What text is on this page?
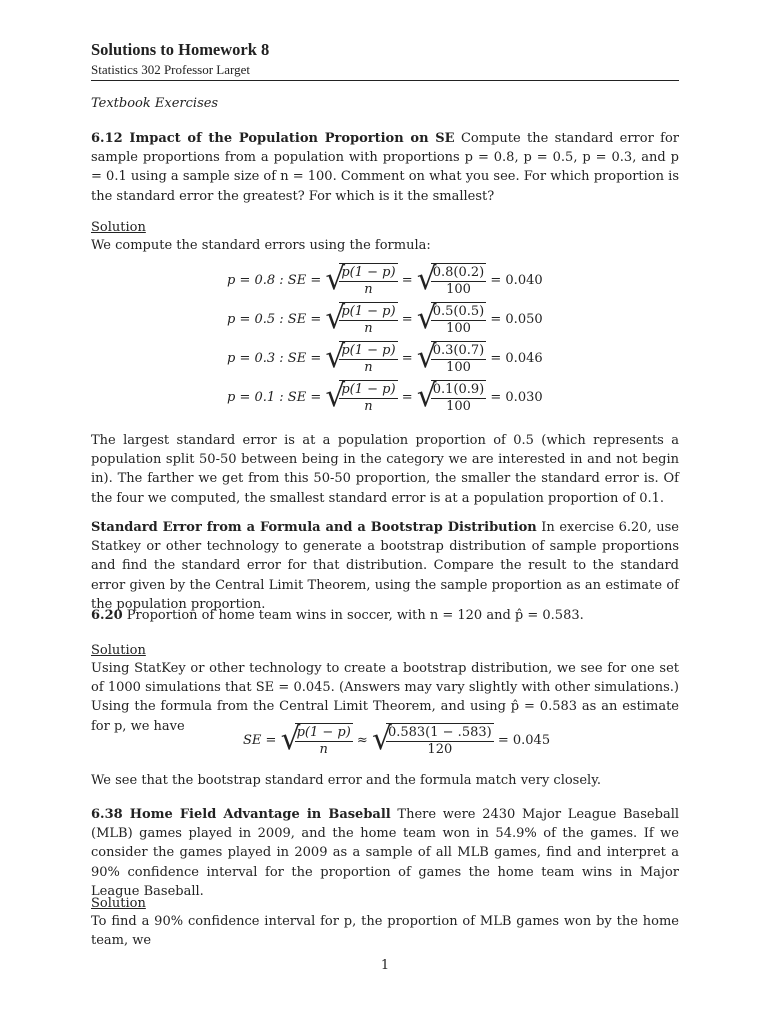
Solutions to Homework 8
Statistics 302 Professor Larget
Textbook Exercises
6.12 Impact of the Population Proportion on SE Compute the standard error for sample proportions from a population with proportions p = 0.8, p = 0.5, p = 0.3, and p = 0.1 using a sample size of n = 100. Comment on what you see. For which proportion is the standard error the greatest? For which is it the smallest?
Solution
We compute the standard errors using the formula:
p = 0.8 : SE = √
$\frac{p(1 - p)}{n}$ = √
$\frac{0.8(0.2)}{100} = 0.040$
p = 0.5 : SE = √
$\frac{p(1 - p)}{n}$ = √
$\frac{0.5(0.5)}{100} = 0.050$
p = 0.3 : SE = √
$\frac{p(1 - p)}{n}$ = √
$\frac{0.3(0.7)}{100} = 0.046$
p = 0.1 : SE = √
$\frac{p(1 - p)}{n}$ = √
$\frac{0.1(0.9)}{100} = 0.030$
The largest standard error is at a population proportion of 0.5 (which represents a population split 50-50 between being in the category we are interested in and not begin in). The farther we get from this 50-50 proportion, the smaller the standard error is. Of the four we computed, the smallest standard error is at a population proportion of 0.1.
Standard Error from a Formula and a Bootstrap Distribution In exercise 6.20, use Statkey or other technology to generate a bootstrap distribution of sample proportions and find the standard error for that distribution. Compare the result to the standard error given by the Central Limit Theorem, using the sample proportion as an estimate of the population proportion.
6.20 Proportion of home team wins in soccer, with n = 120 and p̂ = 0.583.
Solution
Using StatKey or other technology to create a bootstrap distribution, we see for one set of 1000 simulations that SE = 0.045. (Answers may vary slightly with other simulations.) Using the formula from the Central Limit Theorem, and using p̂ = 0.583 as an estimate for p, we have
SE = √
$\frac{p(1 - p)}{n}$ ≈ √
$\frac{0.583(1 - .583)}{120} = 0.045$
We see that the bootstrap standard error and the formula match very closely.
6.38 Home Field Advantage in Baseball There were 2430 Major League Baseball (MLB) games played in 2009, and the home team won in 54.9% of the games. If we consider the games played in 2009 as a sample of all MLB games, find and interpret a 90% confidence interval for the proportion of games the home team wins in Major League Baseball.
Solution
To find a 90% confidence interval for p, the proportion of MLB games won by the home team, we
1
